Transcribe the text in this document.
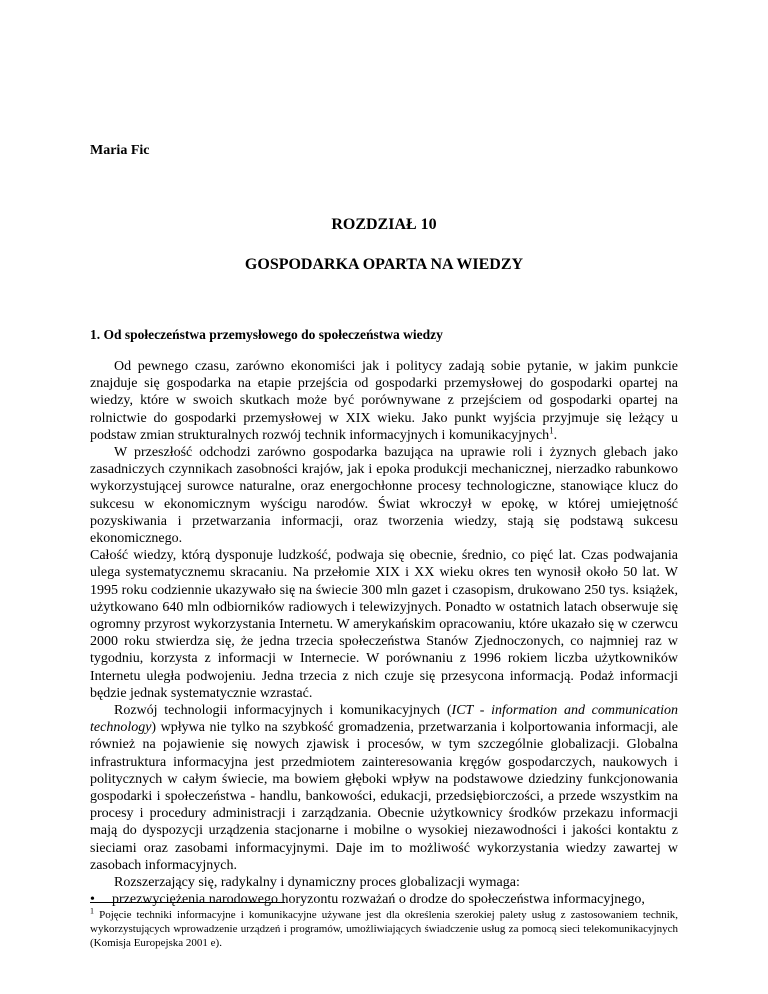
Maria Fic
ROZDZIAŁ 10
GOSPODARKA OPARTA NA WIEDZY
1. Od społeczeństwa przemysłowego do społeczeństwa wiedzy

Od pewnego czasu, zarówno ekonomiści jak i politycy zadają sobie pytanie, w jakim punkcie znajduje się gospodarka na etapie przejścia od gospodarki przemysłowej do gospodarki opartej na wiedzy, które w swoich skutkach może być porównywane z przejściem od gospodarki opartej na rolnictwie do gospodarki przemysłowej w XIX wieku. Jako punkt wyjścia przyjmuje się leżący u podstaw zmian strukturalnych rozwój technik informacyjnych i komunikacyjnych$^1$.

W przeszłość odchodzi zarówno gospodarka bazująca na uprawie roli i żyznych glebach jako zasadniczych czynnikach zasobności krajów, jak i epoka produkcji mechanicznej, nierzadko rabunkowo wykorzystującej surowce naturalne, oraz energochłonne procesy technologiczne, stanowiące klucz do sukcesu w ekonomicznym wyścigu narodów. Świat wkroczył w epokę, w której umiejętność pozyskiwania i przetwarzania informacji, oraz tworzenia wiedzy, stają się podstawą sukcesu ekonomicznego.

Całość wiedzy, którą dysponuje ludzkość, podwaja się obecnie, średnio, co pięć lat. Czas podwajania ulega systematycznemu skracaniu. Na przełomie XIX i XX wieku okres ten wynosił około 50 lat. W 1995 roku codziennie ukazywało się na świecie 300 mln gazet i czasopism, drukowano 250 tys. książek, użytkowano 640 mln odbiorników radiowych i telewizyjnych. Ponadto w ostatnich latach obserwuje się ogromny przyrost wykorzystania Internetu. W amerykańskim opracowaniu, które ukazało się w czerwcu 2000 roku stwierdza się, że jedna trzecia społeczeństwa Stanów Zjednoczonych, co najmniej raz w tygodniu, korzysta z informacji w Internecie. W porównaniu z 1996 rokiem liczba użytkowników Internetu uległa podwojeniu. Jedna trzecia z nich czuje się przesycona informacją. Podaż informacji będzie jednak systematycznie wzrastać.

Rozwój technologii informacyjnych i komunikacyjnych (ICT - information and communication technology) wpływa nie tylko na szybkość gromadzenia, przetwarzania i kolportowania informacji, ale również na pojawienie się nowych zjawisk i procesów, w tym szczególnie globalizacji. Globalna infrastruktura informacyjna jest przedmiotem zainteresowania kręgów gospodarczych, naukowych i politycznych w całym świecie, ma bowiem głęboki wpływ na podstawowe dziedziny funkcjonowania gospodarki i społeczeństwa - handlu, bankowości, edukacji, przedsiębiorczości, a przede wszystkim na procesy i procedury administracji i zarządzania. Obecnie użytkownicy środków przekazu informacji mają do dyspozycji urządzenia stacjonarne i mobilne o wysokiej niezawodności i jakości kontaktu z sieciami oraz zasobami informacyjnymi. Daje im to możliwość wykorzystania wiedzy zawartej w zasobach informacyjnych.

Rozszerzający się, radykalny i dynamiczny proces globalizacji wymaga:

•	przezwyciężenia narodowego horyzontu rozważań o drodze do społeczeństwa informacyjnego,
$^1$ Pojęcie techniki informacyjne i komunikacyjne używane jest dla określenia szerokiej palety usług z zastosowaniem technik, wykorzystujących wprowadzenie urządzeń i programów, umożliwiających świadczenie usług za pomocą sieci telekomunikacyjnych (Komisja Europejska 2001 e).
